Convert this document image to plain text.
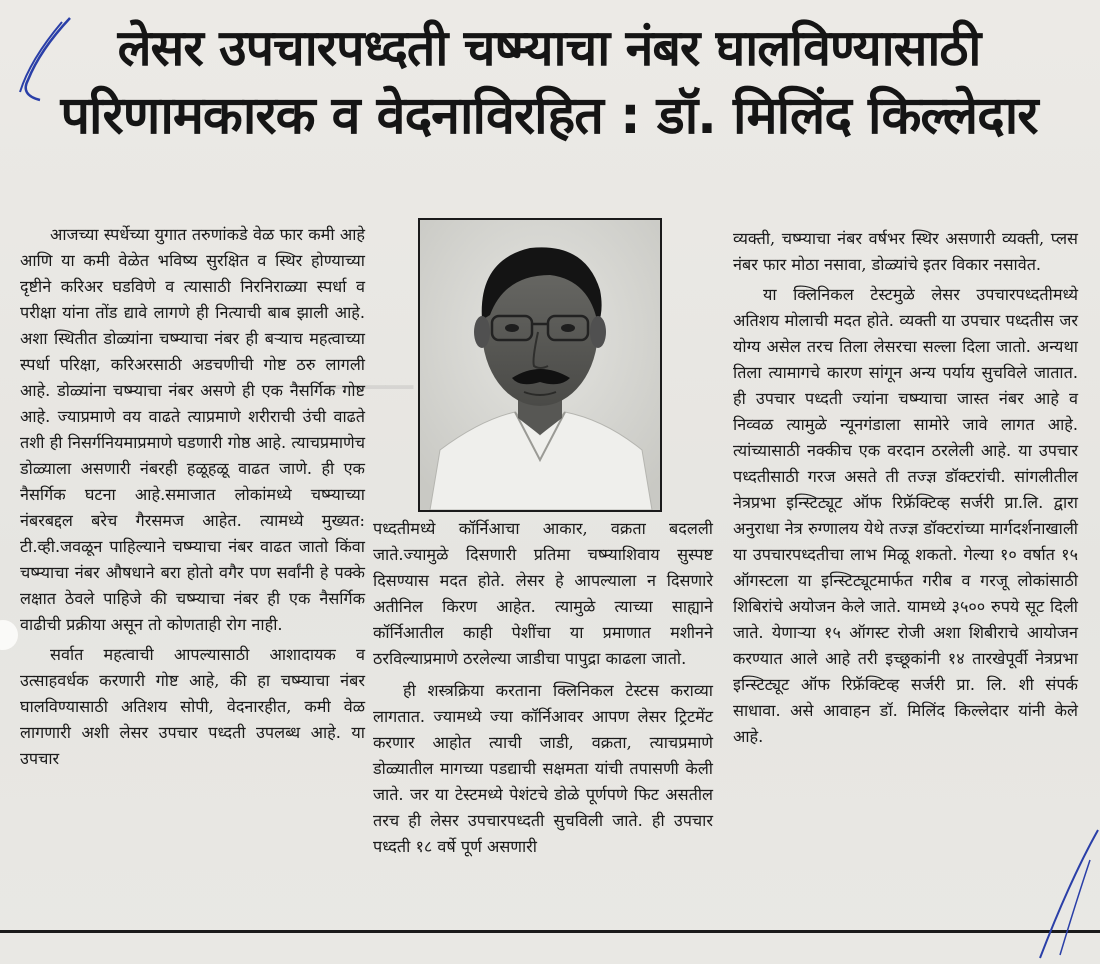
───
लेसर उपचारपध्दती चष्म्याचा नंबर घालविण्यासाठी
परिणामकारक व वेदनाविरहित : डॉ. मिलिंद किल्लेदार

आजच्या स्पर्धेच्या युगात तरुणांकडे वेळ फार कमी आहे आणि या कमी वेळेत भविष्य सुरक्षित व स्थिर होण्याच्या दृष्टीने करिअर घडविणे व त्यासाठी निरनिराळ्या स्पर्धा व परीक्षा यांना तोंड द्यावे लागणे ही नित्याची बाब झाली आहे. अशा स्थितीत डोळ्यांना चष्म्याचा नंबर ही बऱ्याच महत्वाच्या स्पर्धा परिक्षा, करिअरसाठी अडचणीची गोष्ट ठरु लागली आहे. डोळ्यांना चष्म्याचा नंबर असणे ही एक नैसर्गिक गोष्ट आहे. ज्याप्रमाणे वय वाढते त्याप्रमाणे शरीराची उंची वाढते तशी ही निसर्गनियमाप्रमाणे घडणारी गोष्ठ आहे. त्याचप्रमाणेच डोळ्याला असणारी नंबरही हळूहळू वाढत जाणे. ही एक नैसर्गिक घटना आहे.समाजात लोकांमध्ये चष्म्याच्या नंबरबद्दल बरेच गैरसमज आहेत. त्यामध्ये मुख्यत: टी.व्ही.जवळून पाहिल्याने चष्म्याचा नंबर वाढत जातो किंवा चष्म्याचा नंबर औषधाने बरा होतो वगैर पण सर्वांनी हे पक्के लक्षात ठेवले पाहिजे की चष्म्याचा नंबर ही एक नैसर्गिक वाढीची प्रक्रीया असून तो कोणताही रोग नाही.

सर्वात महत्वाची आपल्यासाठी आशादायक व उत्साहवर्धक करणारी गोष्ट आहे, की हा चष्म्याचा नंबर घालविण्यासाठी अतिशय सोपी, वेदनारहीत, कमी वेळ लागणारी अशी लेसर उपचार पध्दती उपलब्ध आहे. या उपचार

पध्दतीमध्ये कॉर्निआचा आकार, वक्रता बदलली जाते.ज्यामुळे दिसणारी प्रतिमा चष्म्याशिवाय सुस्पष्ट दिसण्यास मदत होते. लेसर हे आपल्याला न दिसणारे अतीनिल किरण आहेत. त्यामुळे त्याच्या साह्याने कॉर्निआतील काही पेशींचा या प्रमाणात मशीनने ठरविल्याप्रमाणे ठरलेल्या जाडीचा पापुद्रा काढला जातो.

ही शस्त्रक्रिया करताना क्लिनिकल टेस्टस कराव्या लागतात. ज्यामध्ये ज्या कॉर्निआवर आपण लेसर ट्रिटमेंट करणार आहोत त्याची जाडी, वक्रता, त्याचप्रमाणे डोळ्यातील मागच्या पडद्याची सक्षमता यांची तपासणी केली जाते. जर या टेस्टमध्ये पेशंटचे डोळे पूर्णपणे फिट असतील तरच ही लेसर उपचारपध्दती सुचविली जाते. ही उपचार पध्दती १८ वर्षे पूर्ण असणारी

व्यक्ती, चष्म्याचा नंबर वर्षभर स्थिर असणारी व्यक्ती, प्लस नंबर फार मोठा नसावा, डोळ्यांचे इतर विकार नसावेत.

या क्लिनिकल टेस्टमुळे लेसर उपचारपध्दतीमध्ये अतिशय मोलाची मदत होते. व्यक्ती या उपचार पध्दतीस जर योग्य असेल तरच तिला लेसरचा सल्ला दिला जातो. अन्यथा तिला त्यामागचे कारण सांगून अन्य पर्याय सुचविले जातात. ही उपचार पध्दती ज्यांना चष्म्याचा जास्त नंबर आहे व निव्वळ त्यामुळे न्यूनगंडाला सामोरे जावे लागत आहे. त्यांच्यासाठी नक्कीच एक वरदान ठरलेली आहे. या उपचार पध्दतीसाठी गरज असते ती तज्ज्ञ डॉक्टरांची. सांगलीतील नेत्रप्रभा इन्स्टिट्यूट ऑफ रिफ्रॅक्टिव्ह सर्जरी प्रा.लि. द्वारा अनुराधा नेत्र रुग्णालय येथे तज्ज्ञ डॉक्टरांच्या मार्गदर्शनाखाली या उपचारपध्दतीचा लाभ मिळू शकतो. गेल्या १० वर्षात १५ ऑगस्टला या इन्स्टिट्यूटमार्फत गरीब व गरजू लोकांसाठी शिबिरांचे अयोजन केले जाते. यामध्ये ३५०० रुपये सूट दिली जाते. येणाऱ्या १५ ऑगस्ट रोजी अशा शिबीराचे आयोजन करण्यात आले आहे तरी इच्छूकांनी १४ तारखेपूर्वी नेत्रप्रभा इन्स्टिट्यूट ऑफ रिफ्रॅक्टिव्ह सर्जरी प्रा. लि. शी संपर्क साधावा. असे आवाहन डॉ. मिलिंद किल्लेदार यांनी केले आहे.
